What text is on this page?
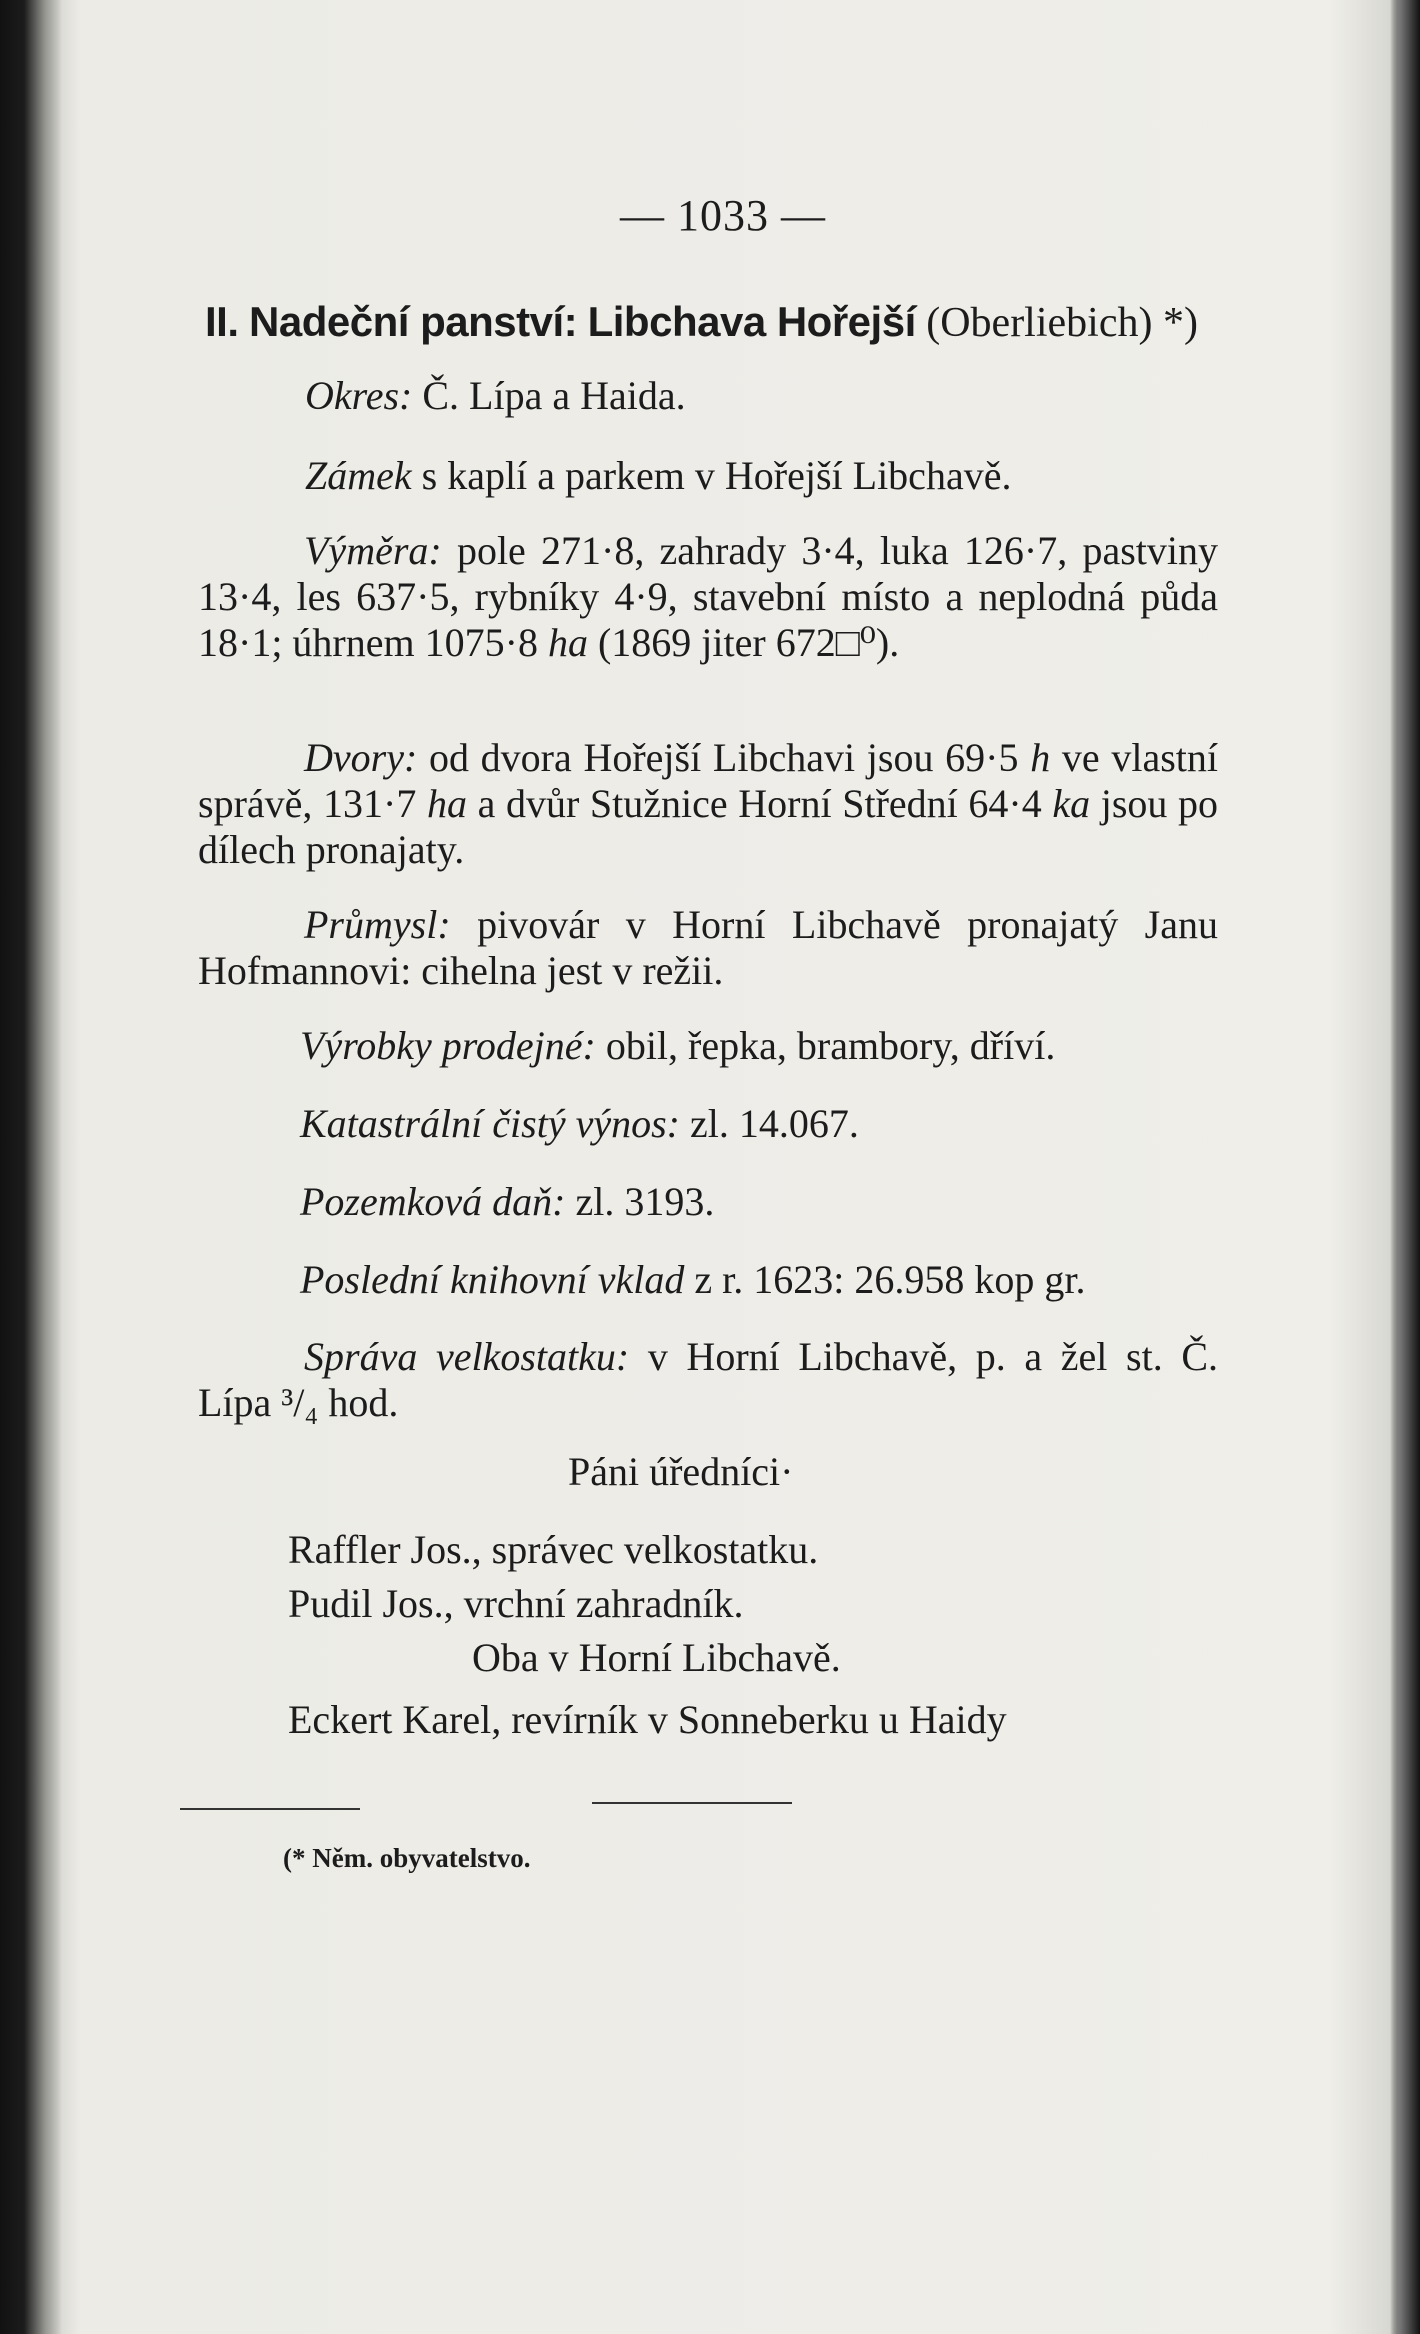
— 1033 —
II. Nadeční panství: Libchava Hořejší (Oberliebich) *)
Okres: Č. Lípa a Haida.
Zámek s kaplí a parkem v Hořejší Libchavě.
Výměra: pole 271·8, zahrady 3·4, luka 126·7, pastviny 13·4, les 637·5, rybníky 4·9, stavební místo a neplodná půda 18·1; úhrnem 1075·8 ha (1869 jiter 672□⁰).
Dvory: od dvora Hořejší Libchavi jsou 69·5 h ve vlastní správě, 131·7 ha a dvůr Stužnice Horní Střední 64·4 ka jsou po dílech pronajaty.
Průmysl: pivovár v Horní Libchavě pronajatý Janu Hofmannovi: cihelna jest v režii.
Výrobky prodejné: obil, řepka, brambory, dříví.
Katastrální čistý výnos: zl. 14.067.
Pozemková daň: zl. 3193.
Poslední knihovní vklad z r. 1623: 26.958 kop gr.
Správa velkostatku: v Horní Libchavě, p. a žel st. Č. Lípa ³/₄ hod.
Páni úředníci·
Raffler Jos., správec velkostatku.
Pudil Jos., vrchní zahradník.
Oba v Horní Libchavě.
Eckert Karel, revírník v Sonneberku u Haidy
(* Něm. obyvatelstvo.
